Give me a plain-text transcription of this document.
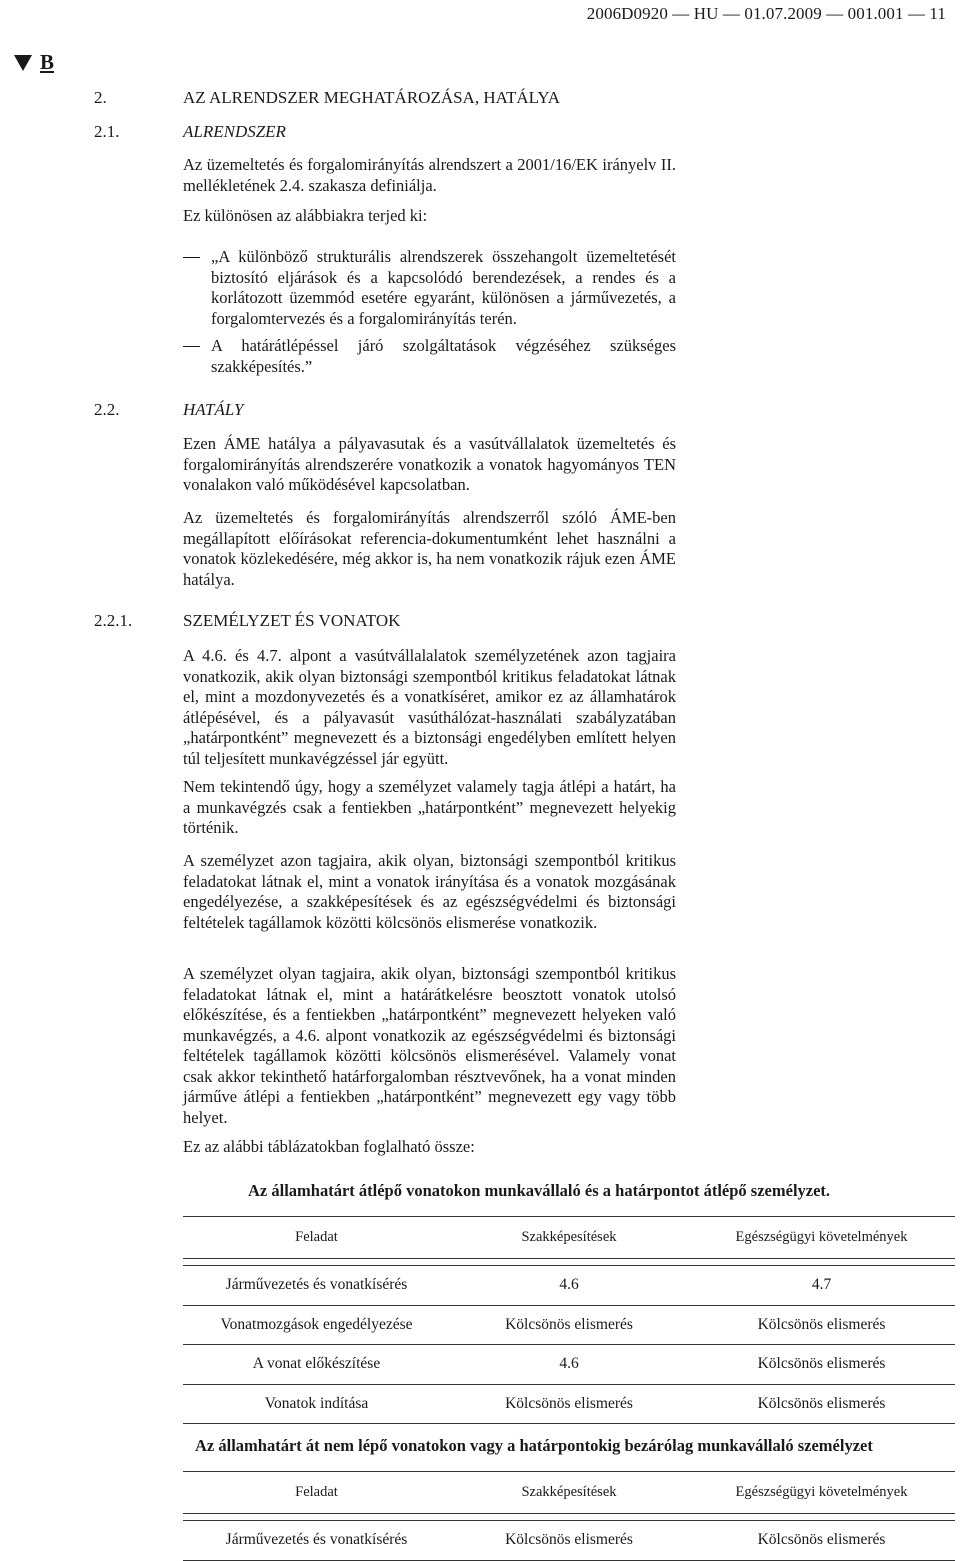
2006D0920 — HU — 01.07.2009 — 001.001 — 11
B
2.	AZ ALRENDSZER MEGHATÁROZÁSA, HATÁLYA
2.1.	ALRENDSZER

Az üzemeltetés és forgalomirányítás alrendszert a 2001/16/EK irányelv II. mellékletének 2.4. szakasza definiálja.

Ez különösen az alábbiakra terjed ki:

„A különböző strukturális alrendszerek összehangolt üzemeltetését biztosító eljárások és a kapcsolódó berendezések, a rendes és a korlátozott üzemmód esetére egyaránt, különösen a járművezetés, a forgalomtervezés és a forgalomirányítás terén.
A határátlépéssel járó szolgáltatások végzéséhez szükséges szakképesítés.”
2.2.	HATÁLY

Ezen ÁME hatálya a pályavasutak és a vasútvállalatok üzemeltetés és forgalomirányítás alrendszerére vonatkozik a vonatok hagyományos TEN vonalakon való működésével kapcsolatban.

Az üzemeltetés és forgalomirányítás alrendszerről szóló ÁME-ben megállapított előírásokat referencia-dokumentumként lehet használni a vonatok közlekedésére, még akkor is, ha nem vonatkozik rájuk ezen ÁME hatálya.

2.2.1.	SZEMÉLYZET ÉS VONATOK

A 4.6. és 4.7. alpont a vasútvállalalatok személyzetének azon tagjaira vonatkozik, akik olyan biztonsági szempontból kritikus feladatokat látnak el, mint a mozdonyvezetés és a vonatkíséret, amikor ez az államhatárok átlépésével, és a pályavasút vasúthálózat-használati szabályzatában „határpontként” megnevezett és a biztonsági engedélyben említett helyen túl teljesített munkavégzéssel jár együtt.

Nem tekintendő úgy, hogy a személyzet valamely tagja átlépi a határt, ha a munkavégzés csak a fentiekben „határpontként” megnevezett helyekig történik.

A személyzet azon tagjaira, akik olyan, biztonsági szempontból kritikus feladatokat látnak el, mint a vonatok irányítása és a vonatok mozgásának engedélyezése, a szakképesítések és az egészségvédelmi és biztonsági feltételek tagállamok közötti kölcsönös elismerése vonatkozik.

A személyzet olyan tagjaira, akik olyan, biztonsági szempontból kritikus feladatokat látnak el, mint a határátkelésre beosztott vonatok utolsó előkészítése, és a fentiekben „határpontként” megnevezett helyeken való munkavégzés, a 4.6. alpont vonatkozik az egészségvédelmi és biztonsági feltételek tagállamok közötti kölcsönös elismerésével. Valamely vonat csak akkor tekinthető határforgalomban résztvevőnek, ha a vonat minden járműve átlépi a fentiekben „határpontként” megnevezett egy vagy több helyet.

Ez az alábbi táblázatokban foglalható össze:

Az államhatárt átlépő vonatokon munkavállaló és a határpontot átlépő személyzet.
Feladat	Szakképesítések	Egészségügyi követelmények

Járművezetés és vonatkísérés	4.6	4.7
Vonatmozgások engedélyezése	Kölcsönös elismerés	Kölcsönös elismerés
A vonat előkészítése	4.6	Kölcsönös elismerés
Vonatok indítása	Kölcsönös elismerés	Kölcsönös elismerés
Az államhatárt át nem lépő vonatokon vagy a határpontokig bezárólag munkavállaló személyzet
Feladat	Szakképesítések	Egészségügyi követelmények

Járművezetés és vonatkísérés	Kölcsönös elismerés	Kölcsönös elismerés
